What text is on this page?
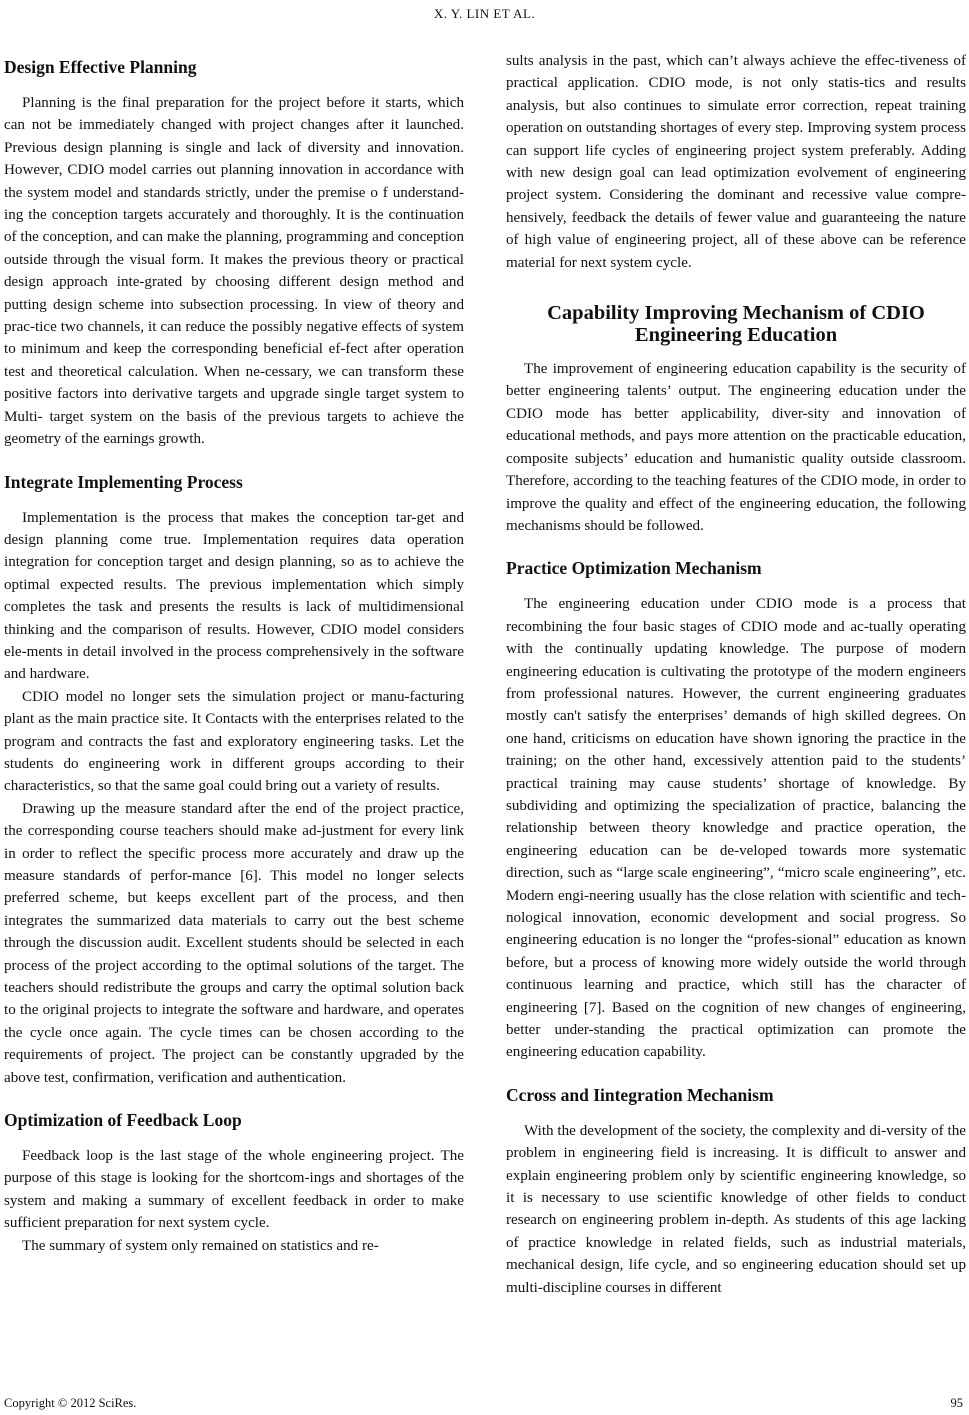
X. Y. LIN ET AL.
Design Effective Planning

Planning is the final preparation for the project before it starts, which can not be immediately changed with project changes after it launched. Previous design planning is single and lack of diversity and innovation. However, CDIO model carries out planning innovation in accordance with the system model and standards strictly, under the premise o f understand-ing the conception targets accurately and thoroughly. It is the continuation of the conception, and can make the planning, programming and conception outside through the visual form. It makes the previous theory or practical design approach inte-grated by choosing different design method and putting design scheme into subsection processing. In view of theory and prac-tice two channels, it can reduce the possibly negative effects of system to minimum and keep the corresponding beneficial ef-fect after operation test and theoretical calculation. When ne-cessary, we can transform these positive factors into derivative targets and upgrade single target system to Multi- target system on the basis of the previous targets to achieve the geometry of the earnings growth.

Integrate Implementing Process

Implementation is the process that makes the conception tar-get and design planning come true. Implementation requires data operation integration for conception target and design planning, so as to achieve the optimal expected results. The previous implementation which simply completes the task and presents the results is lack of multidimensional thinking and the comparison of results. However, CDIO model considers ele-ments in detail involved in the process comprehensively in the software and hardware.

CDIO model no longer sets the simulation project or manu-facturing plant as the main practice site. It Contacts with the enterprises related to the program and contracts the fast and exploratory engineering tasks. Let the students do engineering work in different groups according to their characteristics, so that the same goal could bring out a variety of results.

Drawing up the measure standard after the end of the project practice, the corresponding course teachers should make ad-justment for every link in order to reflect the specific process more accurately and draw up the measure standards of perfor-mance [6]. This model no longer selects preferred scheme, but keeps excellent part of the process, and then integrates the summarized data materials to carry out the best scheme through the discussion audit. Excellent students should be selected in each process of the project according to the optimal solutions of the target. The teachers should redistribute the groups and carry the optimal solution back to the original projects to integrate the software and hardware, and operates the cycle once again. The cycle times can be chosen according to the requirements of project. The project can be constantly upgraded by the above test, confirmation, verification and authentication.

Optimization of Feedback Loop

Feedback loop is the last stage of the whole engineering project. The purpose of this stage is looking for the shortcom-ings and shortages of the system and making a summary of excellent feedback in order to make sufficient preparation for next system cycle.

The summary of system only remained on statistics and re-

sults analysis in the past, which can’t always achieve the effec-tiveness of practical application. CDIO mode, is not only statis-tics and results analysis, but also continues to simulate error correction, repeat training operation on outstanding shortages of every step. Improving system process can support life cycles of engineering project system preferably. Adding with new design goal can lead optimization evolvement of engineering project system. Considering the dominant and recessive value compre-hensively, feedback the details of fewer value and guaranteeing the nature of high value of engineering project, all of these above can be reference material for next system cycle.

Capability Improving Mechanism of CDIO
Engineering Education

The improvement of engineering education capability is the security of better engineering talents’ output. The engineering education under the CDIO mode has better applicability, diver-sity and innovation of educational methods, and pays more attention on the practicable education, composite subjects’ education and humanistic quality outside classroom. Therefore, according to the teaching features of the CDIO mode, in order to improve the quality and effect of the engineering education, the following mechanisms should be followed.

Practice Optimization Mechanism

The engineering education under CDIO mode is a process that recombining the four basic stages of CDIO mode and ac-tually operating with the continually updating knowledge. The purpose of modern engineering education is cultivating the prototype of the modern engineers from professional natures. However, the current engineering graduates mostly can't satisfy the enterprises’ demands of high skilled degrees. On one hand, criticisms on education have shown ignoring the practice in the training; on the other hand, excessively attention paid to the students’ practical training may cause students’ shortage of knowledge. By subdividing and optimizing the specialization of practice, balancing the relationship between theory knowledge and practice operation, the engineering education can be de-veloped towards more systematic direction, such as “large scale engineering”, “micro scale engineering”, etc. Modern engi-neering usually has the close relation with scientific and tech-nological innovation, economic development and social progress. So engineering education is no longer the “profes-sional” education as known before, but a process of knowing more widely outside the world through continuous learning and practice, which still has the character of engineering [7]. Based on the cognition of new changes of engineering, better under-standing the practical optimization can promote the engineering education capability.

Ccross and Iintegration Mechanism

With the development of the society, the complexity and di-versity of the problem in engineering field is increasing. It is difficult to answer and explain engineering problem only by scientific engineering knowledge, so it is necessary to use scientific knowledge of other fields to conduct research on engineering problem in-depth. As students of this age lacking of practice knowledge in related fields, such as industrial materials, mechanical design, life cycle, and so engineering education should set up multi-discipline courses in different

Copyright © 2012 SciRes.	95
